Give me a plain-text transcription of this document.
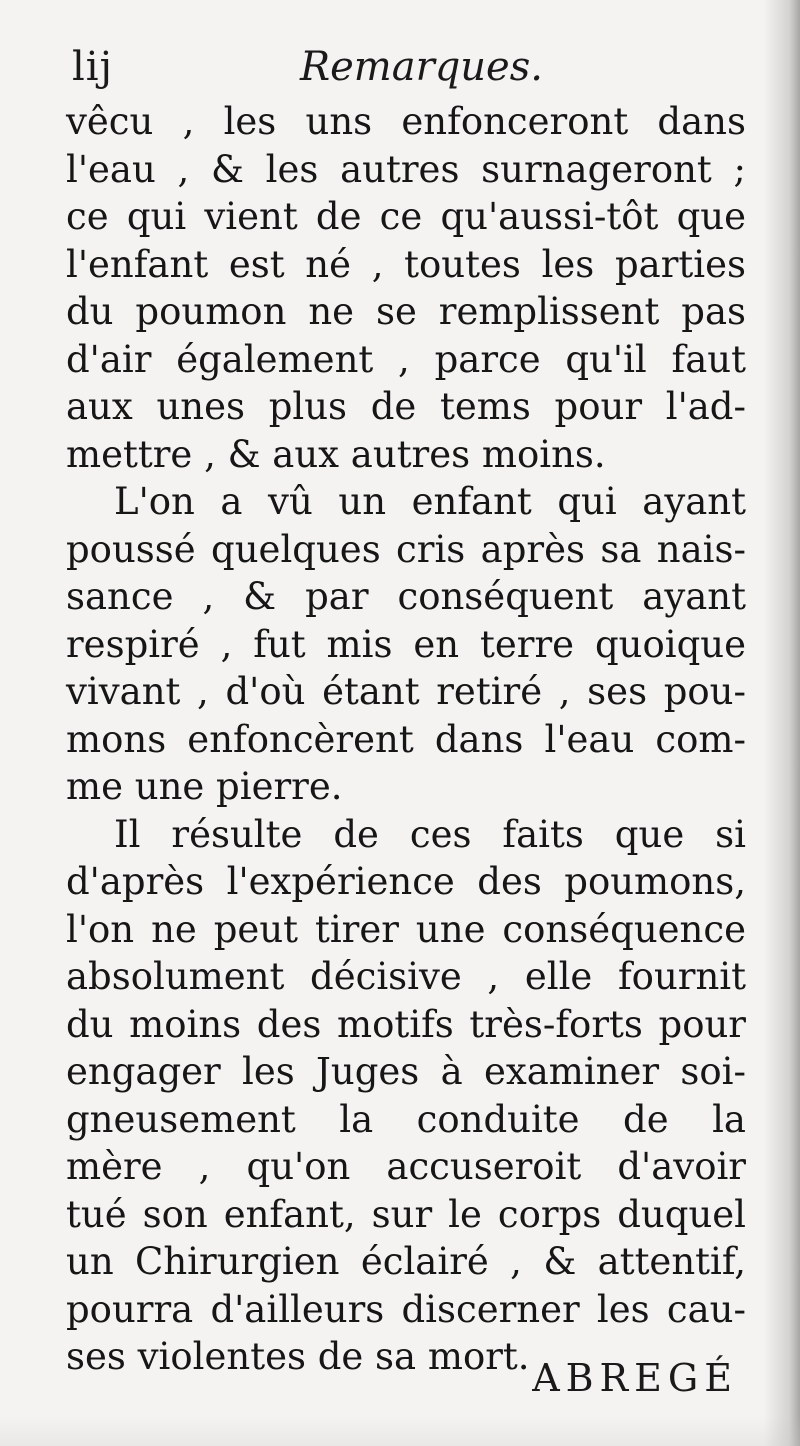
lij	Remarques.
vêcu , les uns enfonceront dans
l'eau , & les autres surnageront ;
ce qui vient de ce qu'aussi-tôt que
l'enfant est né , toutes les parties
du poumon ne se remplissent pas
d'air également , parce qu'il faut
aux unes plus de tems pour l'ad-
mettre , & aux autres moins.
L'on a vû un enfant qui ayant
poussé quelques cris après sa nais-
sance , & par conséquent ayant
respiré , fut mis en terre quoique
vivant , d'où étant retiré , ses pou-
mons enfoncèrent dans l'eau com-
me une pierre.
Il résulte de ces faits que si
d'après l'expérience des poumons,
l'on ne peut tirer une conséquence
absolument décisive , elle fournit
du moins des motifs très-forts pour
engager les Juges à examiner soi-
gneusement la conduite de la
mère , qu'on accuseroit d'avoir
tué son enfant, sur le corps duquel
un Chirurgien éclairé , & attentif,
pourra d'ailleurs discerner les cau-
ses violentes de sa mort. ABREGÉ
